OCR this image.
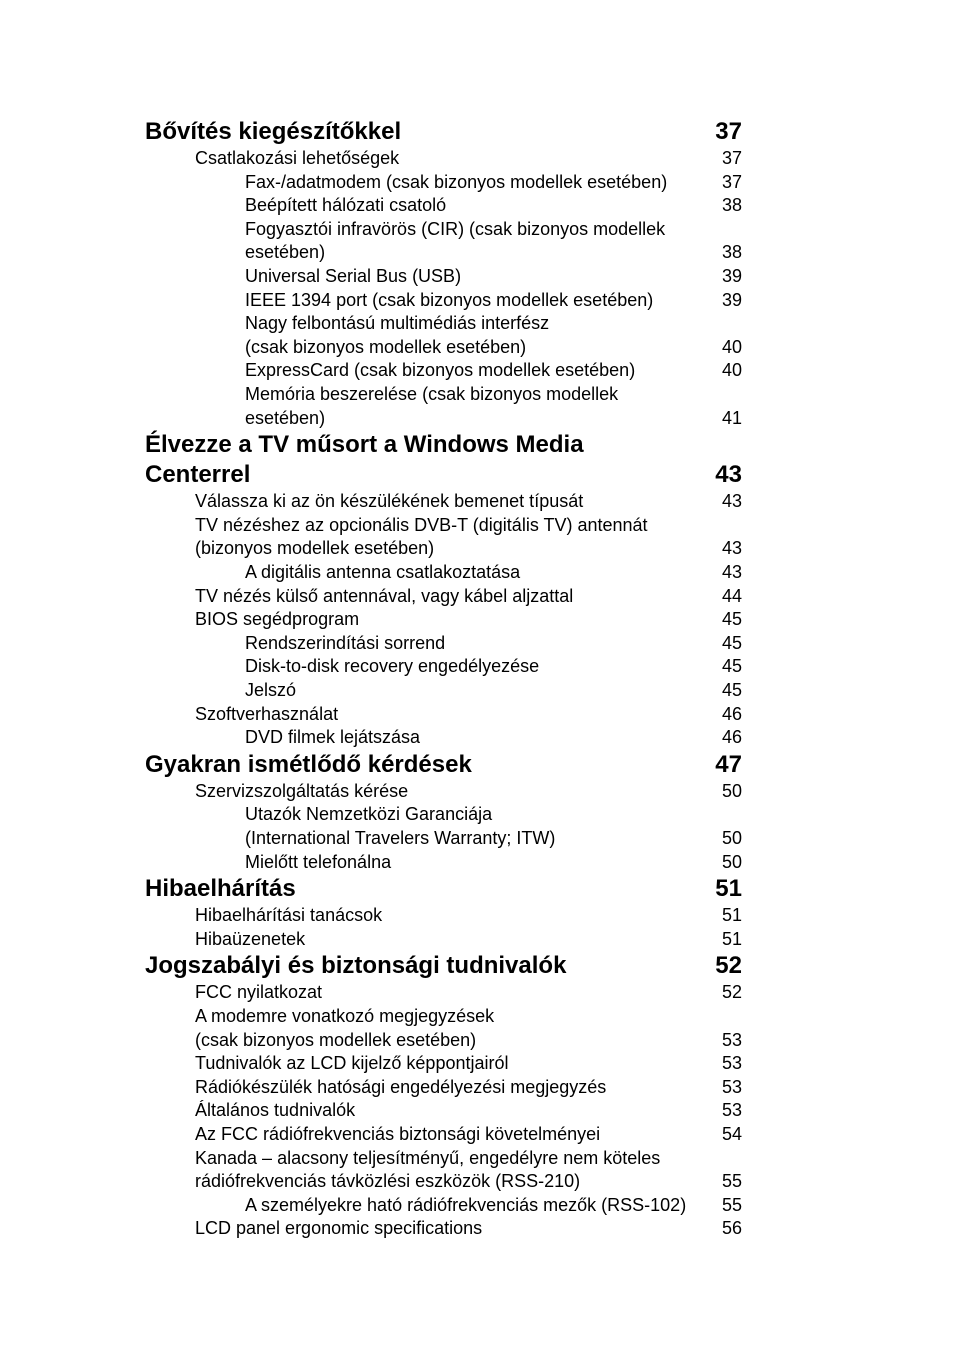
Bővítés kiegészítőkkel	37
Csatlakozási lehetőségek	37
Fax-/adatmodem (csak bizonyos modellek esetében)	37
Beépített hálózati csatoló	38
Fogyasztói infravörös (CIR) (csak bizonyos modellek
esetében)	38
Universal Serial Bus (USB)	39
IEEE 1394 port (csak bizonyos modellek esetében)	39
Nagy felbontású multimédiás interfész
(csak bizonyos modellek esetében)	40
ExpressCard (csak bizonyos modellek esetében)	40
Memória beszerelése (csak bizonyos modellek
esetében)	41
Élvezze a TV műsort a Windows Media
Centerrel	43
Válassza ki az ön készülékének bemenet típusát	43
TV nézéshez az opcionális DVB-T (digitális TV) antennát
(bizonyos modellek esetében)	43
A digitális antenna csatlakoztatása	43
TV nézés külső antennával, vagy kábel aljzattal	44
BIOS segédprogram	45
Rendszerindítási sorrend	45
Disk-to-disk recovery engedélyezése	45
Jelszó	45
Szoftverhasználat	46
DVD filmek lejátszása	46
Gyakran ismétlődő kérdések	47
Szervizszolgáltatás kérése	50
Utazók Nemzetközi Garanciája
(International Travelers Warranty; ITW)	50
Mielőtt telefonálna	50
Hibaelhárítás	51
Hibaelhárítási tanácsok	51
Hibaüzenetek	51
Jogszabályi és biztonsági tudnivalók	52
FCC nyilatkozat	52
A modemre vonatkozó megjegyzések
(csak bizonyos modellek esetében)	53
Tudnivalók az LCD kijelző képpontjairól	53
Rádiókészülék hatósági engedélyezési megjegyzés	53
Általános tudnivalók	53
Az FCC rádiófrekvenciás biztonsági követelményei	54
Kanada – alacsony teljesítményű, engedélyre nem köteles
rádiófrekvenciás távközlési eszközök (RSS-210)	55
A személyekre ható rádiófrekvenciás mezők (RSS-102) 55
LCD panel ergonomic specifications	56
